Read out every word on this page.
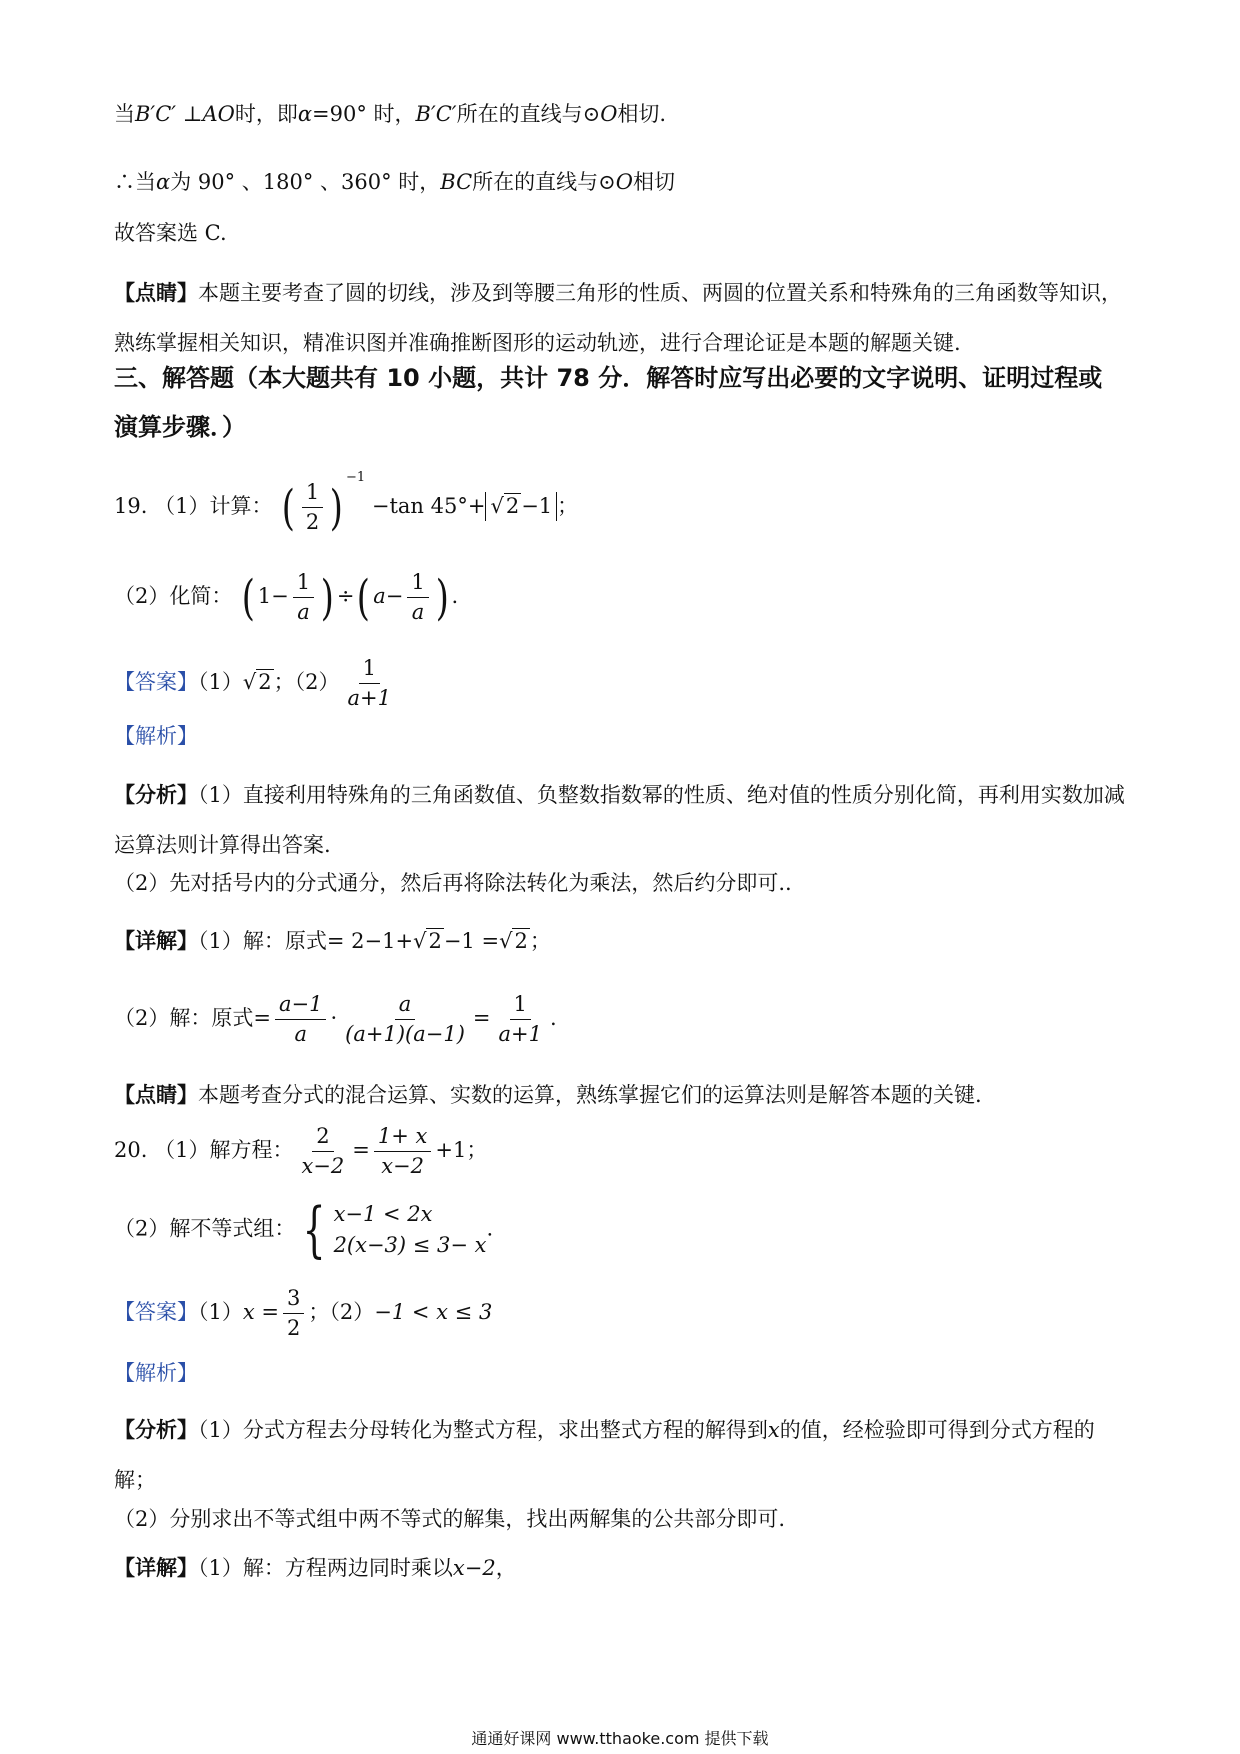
当B′C′ ⊥AO时，即α=90° 时，B′C′所在的直线与⊙O相切.
∴当α为 90° 、180° 、360° 时，BC所在的直线与⊙O相切
故答案选 C.
【点睛】本题主要考查了圆的切线，涉及到等腰三角形的性质、两圆的位置关系和特殊角的三角函数等知识，熟练掌握相关知识，精准识图并准确推断图形的运动轨迹，进行合理论证是本题的解题关键.
三、解答题（本大题共有 10 小题，共计 78 分．解答时应写出必要的文字说明、证明过程或
演算步骤．）
19. （1）计算： ( $\frac{1}{2} )^{-1} -\tan$ 45°+ √2−1 ；
（2）化简： ( $1- \frac{1}{a}$ ) ÷( $a- \frac{1}{a}$ ) .
【答案】（1）√2；$(2) \frac{1}{a+1}$
【解析】
【分析】（1）直接利用特殊角的三角函数值、负整数指数幂的性质、绝对值的性质分别化简，再利用实数加减运算法则计算得出答案.
（2）先对括号内的分式通分，然后再将除法转化为乘法，然后约分即可..
【详解】（1）解：原式= 2−1+√2−1 =√2；
（2）解：原式= $\frac{a-1}{a} \cdot \frac{a}{(a+1)(a-1)} = \frac{1}{a+1}$ .
【点睛】本题考查分式的混合运算、实数的运算，熟练掌握它们的运算法则是解答本题的关键.
20. （1）解方程： $\frac{2}{x-2} = \frac{1+ x}{x-2} +1$；
（2）解不等式组： { x−1 < 2x
2(x−3) ≤ 3− x
.
【答案】$(1)x = \frac{3}{2}$ ；（2）−1 < x ≤ 3
【解析】
【分析】（1）分式方程去分母转化为整式方程，求出整式方程的解得到x的值，经检验即可得到分式方程的解；
（2）分别求出不等式组中两不等式的解集，找出两解集的公共部分即可.
【详解】（1）解：方程两边同时乘以x−2，
通通好课网 www.tthaoke.com 提供下载
